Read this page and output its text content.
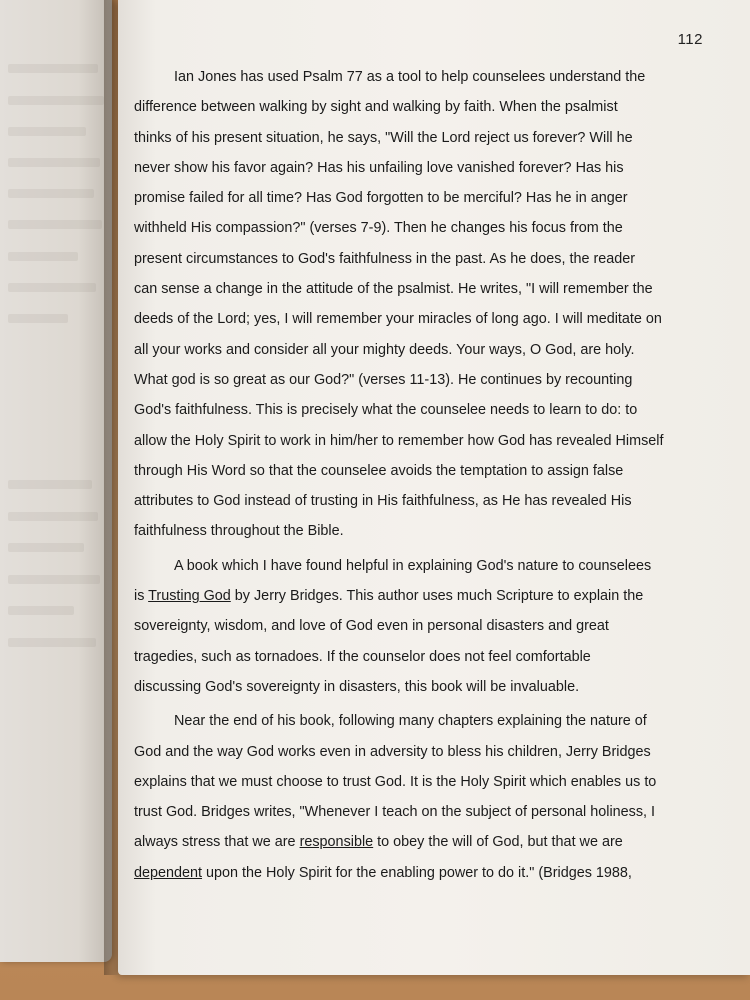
112
Ian Jones has used Psalm 77 as a tool to help counselees understand the
difference between walking by sight and walking by faith. When the psalmist
thinks of his present situation, he says, "Will the Lord reject us forever? Will he
never show his favor again? Has his unfailing love vanished forever? Has his
promise failed for all time? Has God forgotten to be merciful? Has he in anger
withheld His compassion?" (verses 7-9). Then he changes his focus from the
present circumstances to God's faithfulness in the past. As he does, the reader
can sense a change in the attitude of the psalmist. He writes, "I will remember the
deeds of the Lord; yes, I will remember your miracles of long ago. I will meditate on
all your works and consider all your mighty deeds. Your ways, O God, are holy.
What god is so great as our God?" (verses 11-13). He continues by recounting
God's faithfulness. This is precisely what the counselee needs to learn to do: to
allow the Holy Spirit to work in him/her to remember how God has revealed Himself
through His Word so that the counselee avoids the temptation to assign false
attributes to God instead of trusting in His faithfulness, as He has revealed His
faithfulness throughout the Bible.
A book which I have found helpful in explaining God's nature to counselees
is Trusting God by Jerry Bridges. This author uses much Scripture to explain the
sovereignty, wisdom, and love of God even in personal disasters and great
tragedies, such as tornadoes. If the counselor does not feel comfortable
discussing God's sovereignty in disasters, this book will be invaluable.
Near the end of his book, following many chapters explaining the nature of
God and the way God works even in adversity to bless his children, Jerry Bridges
explains that we must choose to trust God. It is the Holy Spirit which enables us to
trust God. Bridges writes, "Whenever I teach on the subject of personal holiness, I
always stress that we are responsible to obey the will of God, but that we are
dependent upon the Holy Spirit for the enabling power to do it." (Bridges 1988,
